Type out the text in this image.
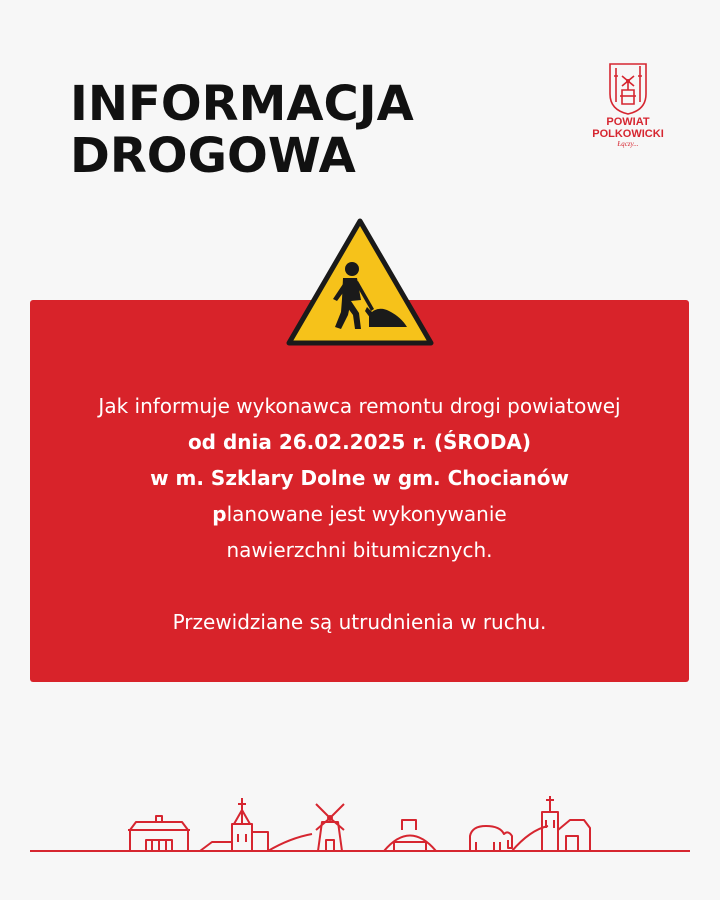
INFORMACJA
DROGOWA
POWIAT
POLKOWICKI
Łączy...
Jak informuje wykonawca remontu drogi powiatowej
od dnia 26.02.2025 r. (ŚRODA)
w m. Szklary Dolne w gm. Chocianów
planowane jest wykonywanie
nawierzchni bitumicznych.
Przewidziane są utrudnienia w ruchu.
